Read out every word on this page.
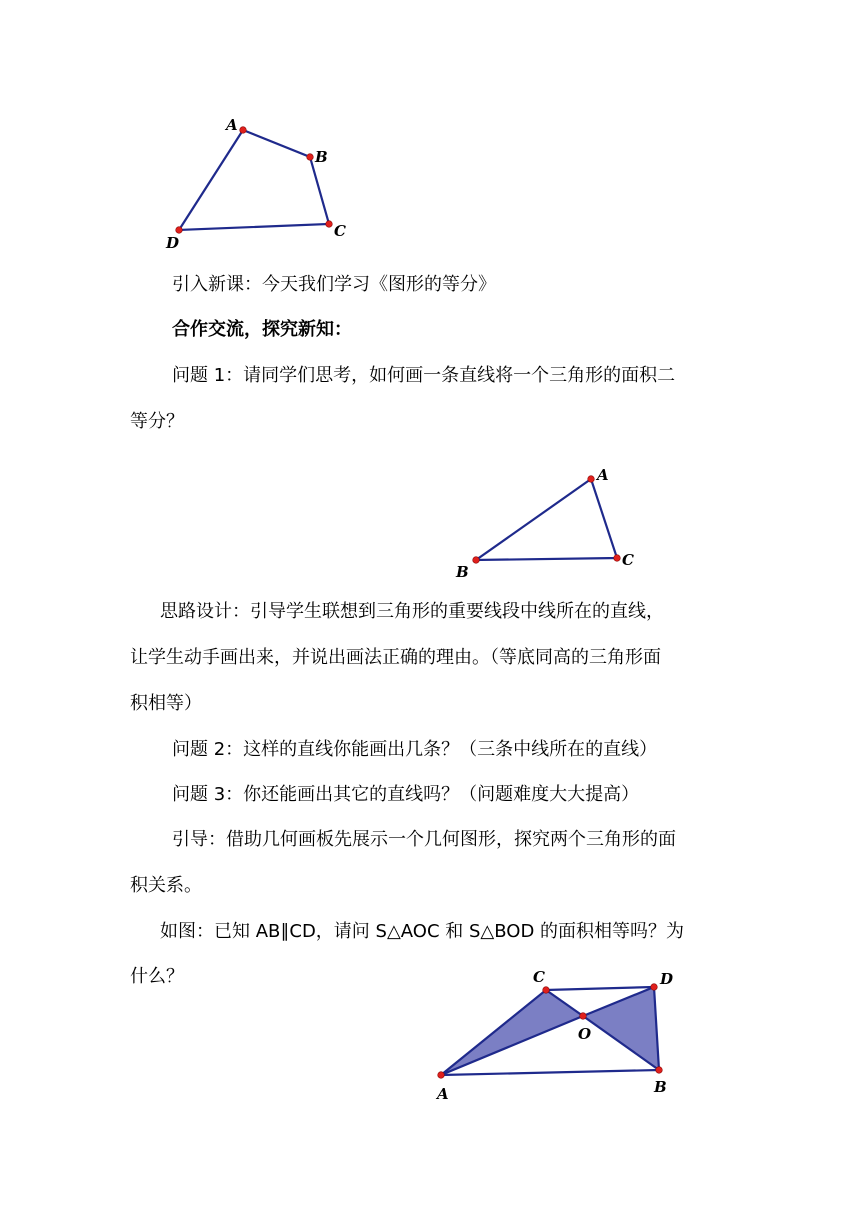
A
B
C
D

引入新课：今天我们学习《图形的等分》

合作交流，探究新知：

问题 1：请同学们思考，如何画一条直线将一个三角形的面积二

等分？

A
C
B

思路设计：引导学生联想到三角形的重要线段中线所在的直线，

让学生动手画出来，并说出画法正确的理由。（等底同高的三角形面

积相等）

问题 2：这样的直线你能画出几条？（三条中线所在的直线）

问题 3：你还能画出其它的直线吗？（问题难度大大提高）

引导：借助几何画板先展示一个几何图形，探究两个三角形的面

积关系。

如图：已知 AB∥CD，请问 S△AOC 和 S△BOD 的面积相等吗？为

什么？	C	D
O
A	B
